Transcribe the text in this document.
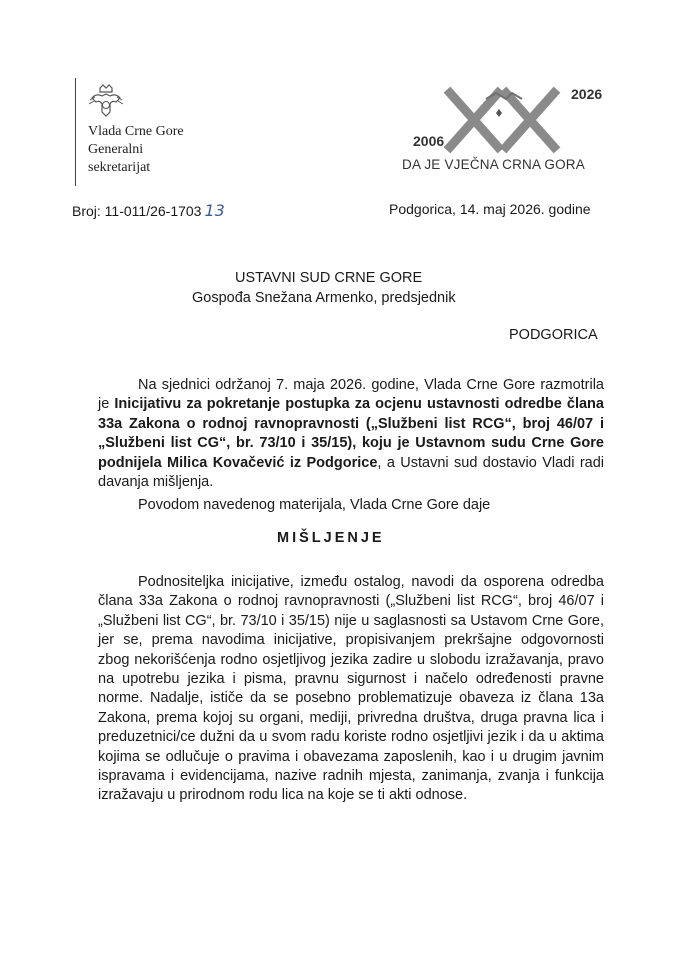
Vlada Crne Gore
Generalni
sekretarijat
2026
2006
DA JE VJEČNA CRNA GORA
Broj: 11-011/26-1703 13	Podgorica, 14. maj 2026. godine
USTAVNI SUD CRNE GORE
Gospođa Snežana Armenko, predsjednik
PODGORICA

Na sjednici održanoj 7. maja 2026. godine, Vlada Crne Gore razmotrila je Inicijativu za pokretanje postupka za ocjenu ustavnosti odredbe člana 33a Zakona o rodnoj ravnopravnosti („Službeni list RCG“, broj 46/07 i „Službeni list CG“, br. 73/10 i 35/15), koju je Ustavnom sudu Crne Gore podnijela Milica Kovačević iz Podgorice, a Ustavni sud dostavio Vladi radi davanja mišljenja.

Povodom navedenog materijala, Vlada Crne Gore daje

MIŠLJENJE

Podnositeljka inicijative, između ostalog, navodi da osporena odredba člana 33a Zakona o rodnoj ravnopravnosti („Službeni list RCG“, broj 46/07 i „Službeni list CG“, br. 73/10 i 35/15) nije u saglasnosti sa Ustavom Crne Gore, jer se, prema navodima inicijative, propisivanjem prekršajne odgovornosti zbog nekorišćenja rodno osjetljivog jezika zadire u slobodu izražavanja, pravo na upotrebu jezika i pisma, pravnu sigurnost i načelo određenosti pravne norme. Nadalje, ističe da se posebno problematizuje obaveza iz člana 13a Zakona, prema kojoj su organi, mediji, privredna društva, druga pravna lica i preduzetnici/ce dužni da u svom radu koriste rodno osjetljivi jezik i da u aktima kojima se odlučuje o pravima i obavezama zaposlenih, kao i u drugim javnim ispravama i evidencijama, nazive radnih mjesta, zanimanja, zvanja i funkcija izražavaju u prirodnom rodu lica na koje se ti akti odnose.
